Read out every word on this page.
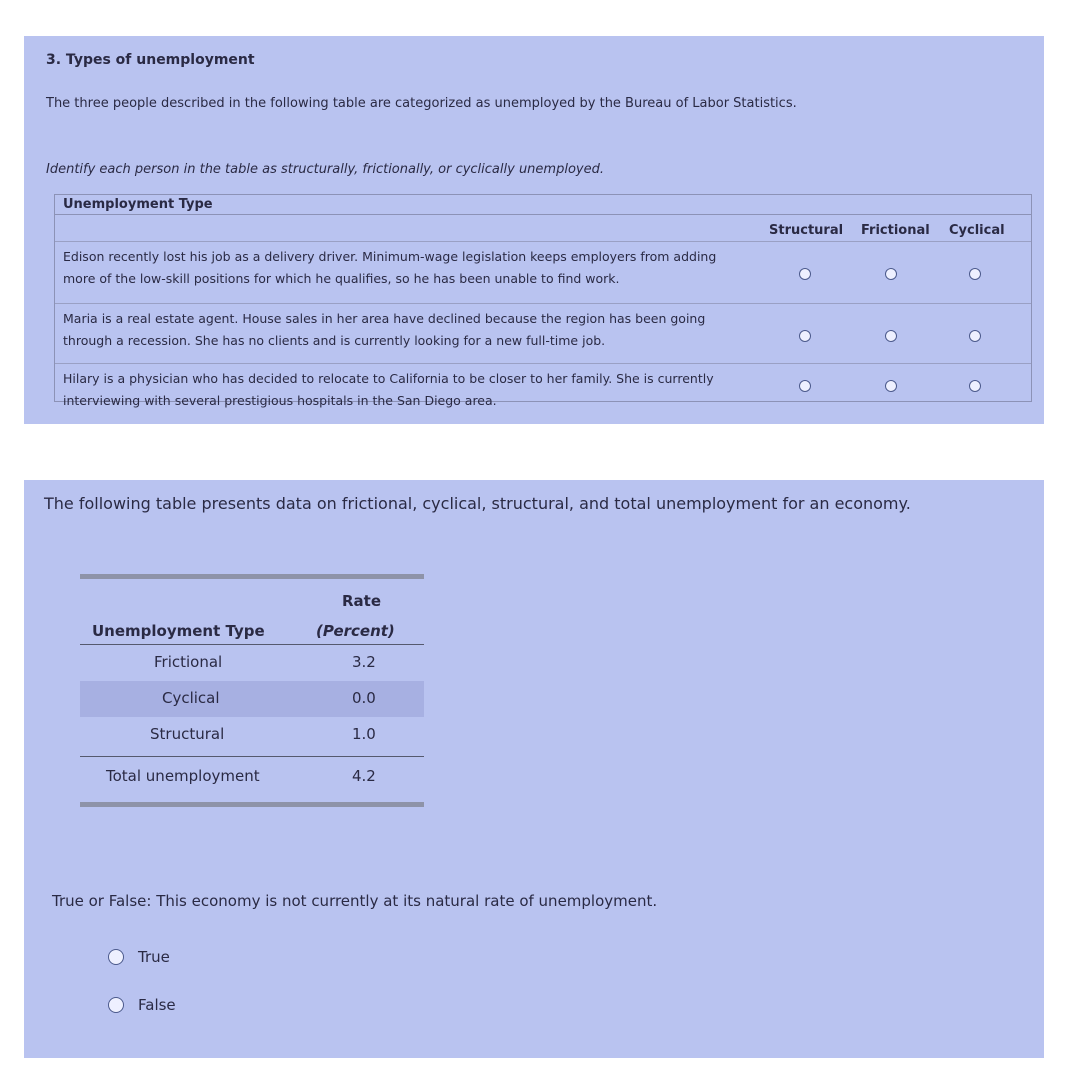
3. Types of unemployment
The three people described in the following table are categorized as unemployed by the Bureau of Labor Statistics.
Identify each person in the table as structurally, frictionally, or cyclically unemployed.
Unemployment Type
Structural Frictional Cyclical
Edison recently lost his job as a delivery driver. Minimum-wage legislation keeps employers from adding more of the low-skill positions for which he qualifies, so he has been unable to find work.
Maria is a real estate agent. House sales in her area have declined because the region has been going through a recession. She has no clients and is currently looking for a new full-time job.
Hilary is a physician who has decided to relocate to California to be closer to her family. She is currently interviewing with several prestigious hospitals in the San Diego area.
The following table presents data on frictional, cyclical, structural, and total unemployment for an economy.
Rate
Unemployment Type	(Percent)
Frictional	3.2
Cyclical	0.0
Structural	1.0
Total unemployment	4.2
True or False: This economy is not currently at its natural rate of unemployment.
True
False
